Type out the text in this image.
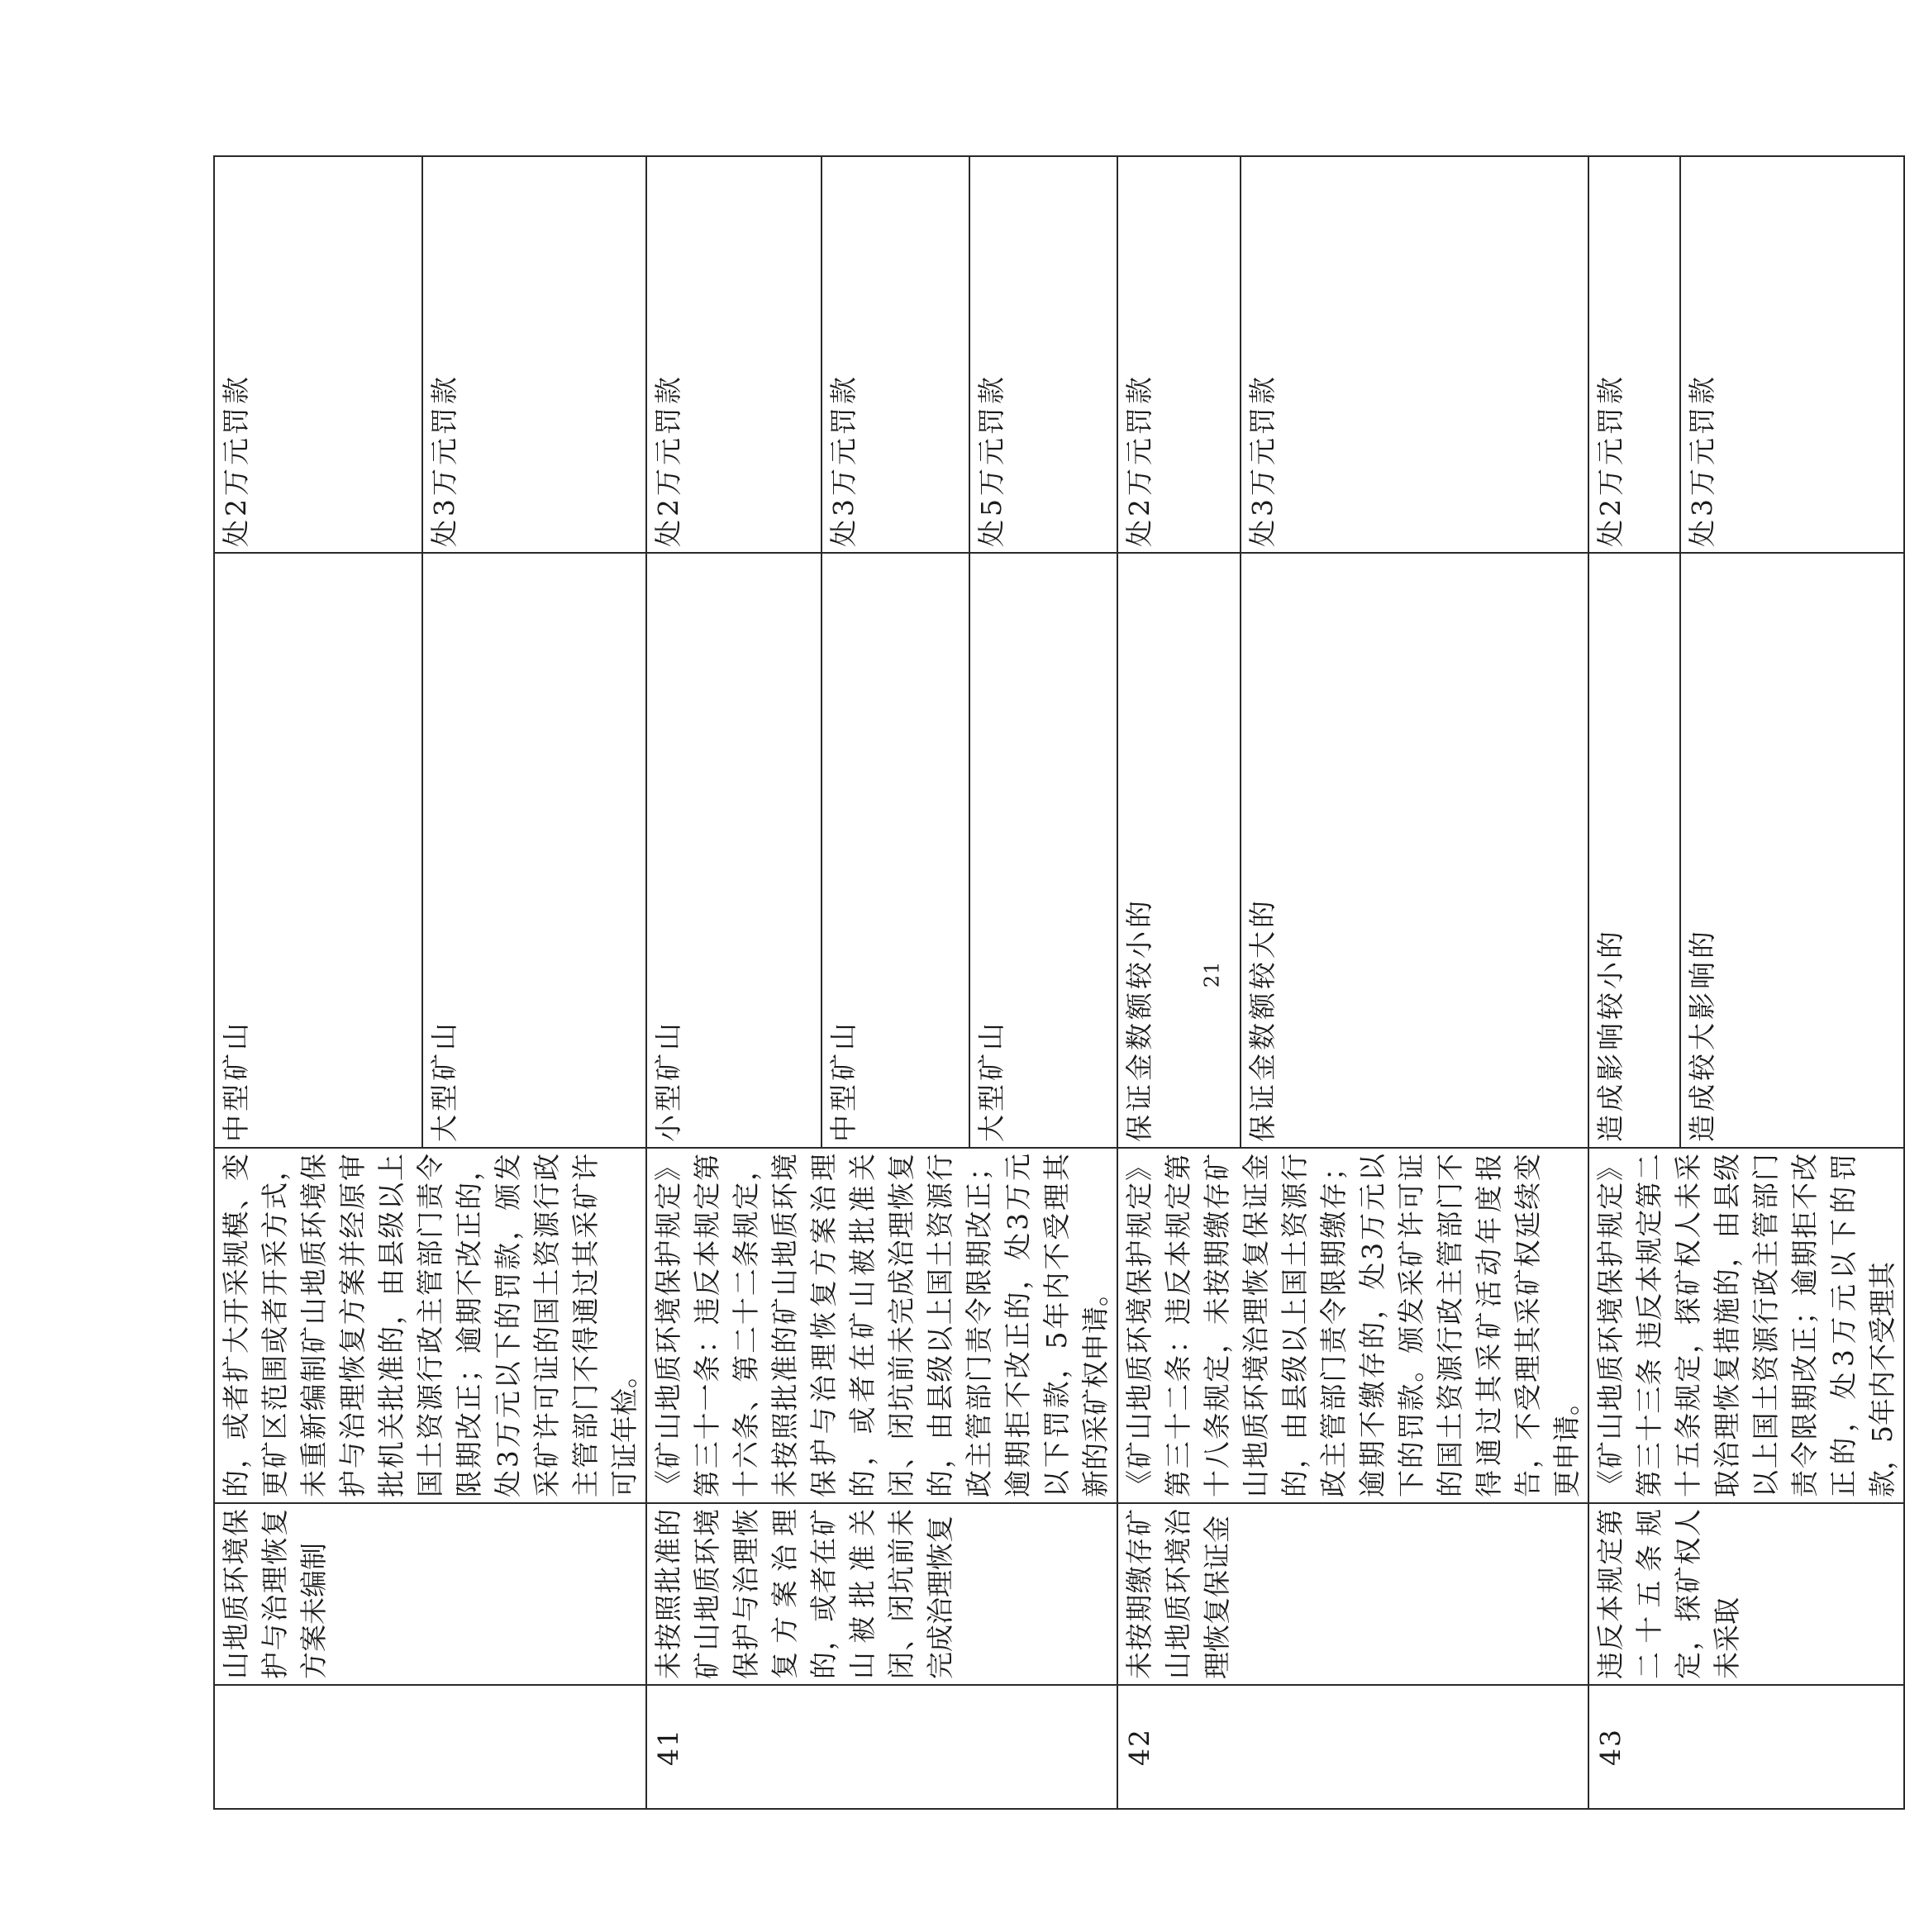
	山地质环境保护与治理恢复方案未编制	的，或者扩大开采规模、变更矿区范围或者开采方式，未重新编制矿山地质环境保护与治理恢复方案并经原审批机关批准的，由县级以上国土资源行政主管部门责令限期改正；逾期不改正的，处3万元以下的罚款，颁发采矿许可证的国土资源行政主管部门不得通过其采矿许可证年检。	中型矿山	处2万元罚款
			大型矿山	处3万元罚款
41	未按照批准的矿山地质环境保护与治理恢复方案治理的，或者在矿山被批准关闭、闭坑前未完成治理恢复	《矿山地质环境保护规定》第三十一条：违反本规定第十六条、第二十二条规定，未按照批准的矿山地质环境保护与治理恢复方案治理的，或者在矿山被批准关闭、闭坑前未完成治理恢复的，由县级以上国土资源行政主管部门责令限期改正；逾期拒不改正的，处3万元以下罚款，5年内不受理其新的采矿权申请。	小型矿山	处2万元罚款
			中型矿山	处3万元罚款
			大型矿山	处5万元罚款
42	未按期缴存矿山地质环境治理恢复保证金	《矿山地质环境保护规定》第三十二条：违反本规定第十八条规定，未按期缴存矿山地质环境治理恢复保证金的，由县级以上国土资源行政主管部门责令限期缴存；逾期不缴存的，处3万元以下的罚款。颁发采矿许可证的国土资源行政主管部门不得通过其采矿活动年度报告，不受理其采矿权延续变更申请。	保证金数额较小的	处2万元罚款
			保证金数额较大的	处3万元罚款
43	违反本规定第二十五条规定，探矿权人未采取	《矿山地质环境保护规定》第三十三条 违反本规定第二十五条规定，探矿权人未采取治理恢复措施的，由县级以上国土资源行政主管部门责令限期改正；逾期拒不改正的，处3万元以下的罚款，5年内不受理其	造成影响较小的	处2万元罚款
			造成较大影响的	处3万元罚款
21
